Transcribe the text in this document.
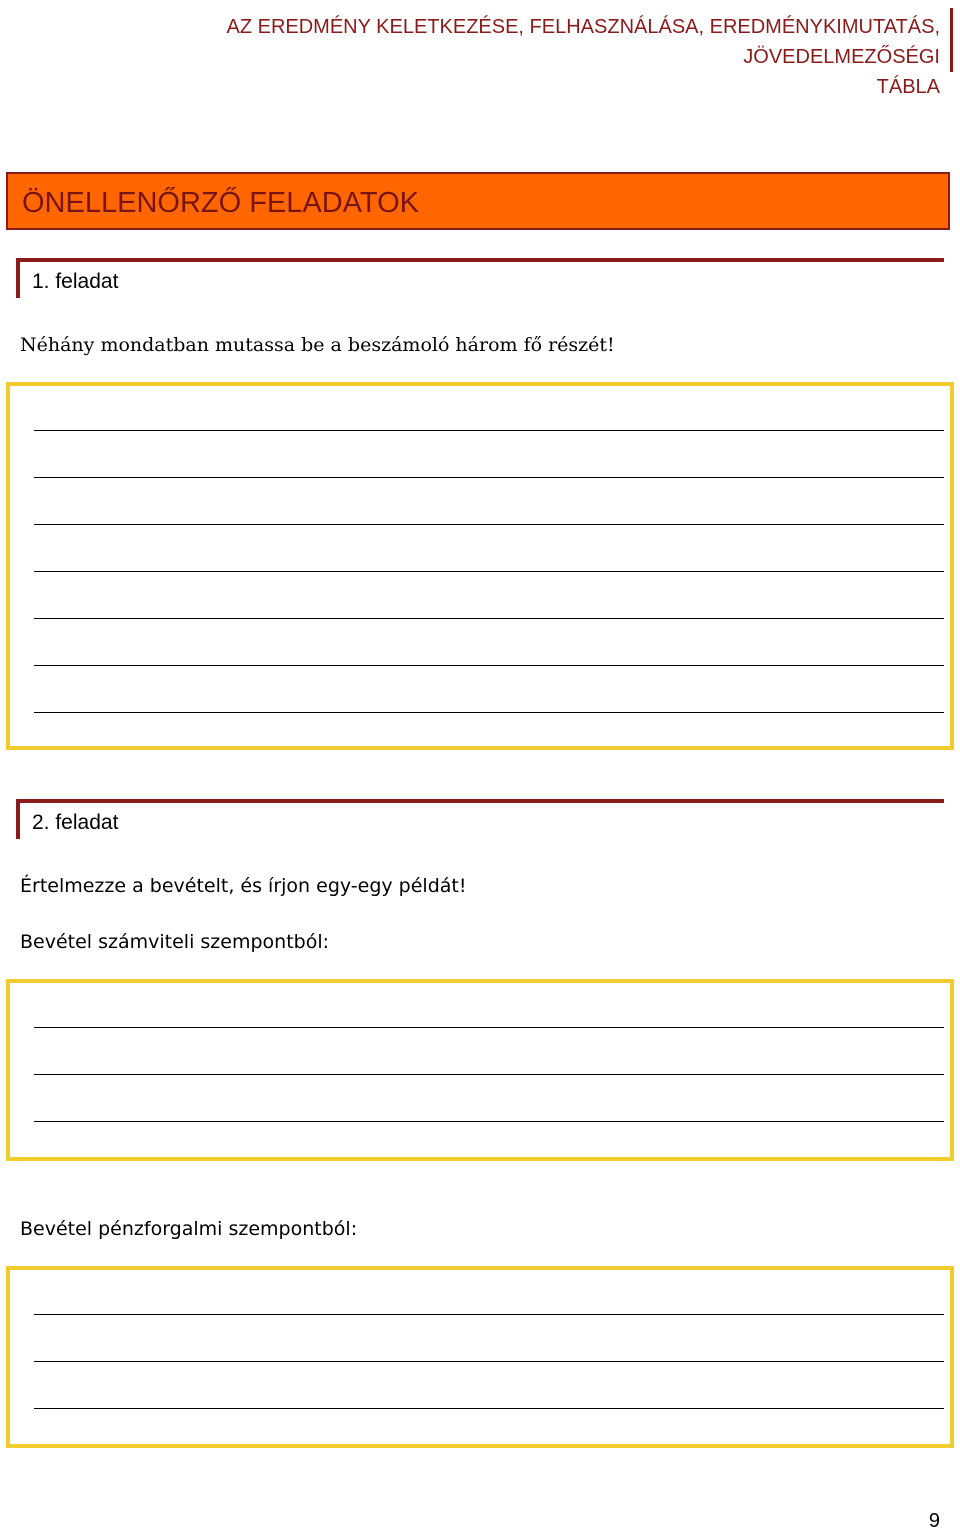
AZ EREDMÉNY KELETKEZÉSE, FELHASZNÁLÁSA, EREDMÉNYKIMUTATÁS, JÖVEDELMEZŐSÉGI
TÁBLA
ÖNELLENŐRZŐ FELADATOK
1. feladat
Néhány mondatban mutassa be a beszámoló három fő részét!
2. feladat
Értelmezze a bevételt, és írjon egy-egy példát!
Bevétel számviteli szempontból:
Bevétel pénzforgalmi szempontból:
9
